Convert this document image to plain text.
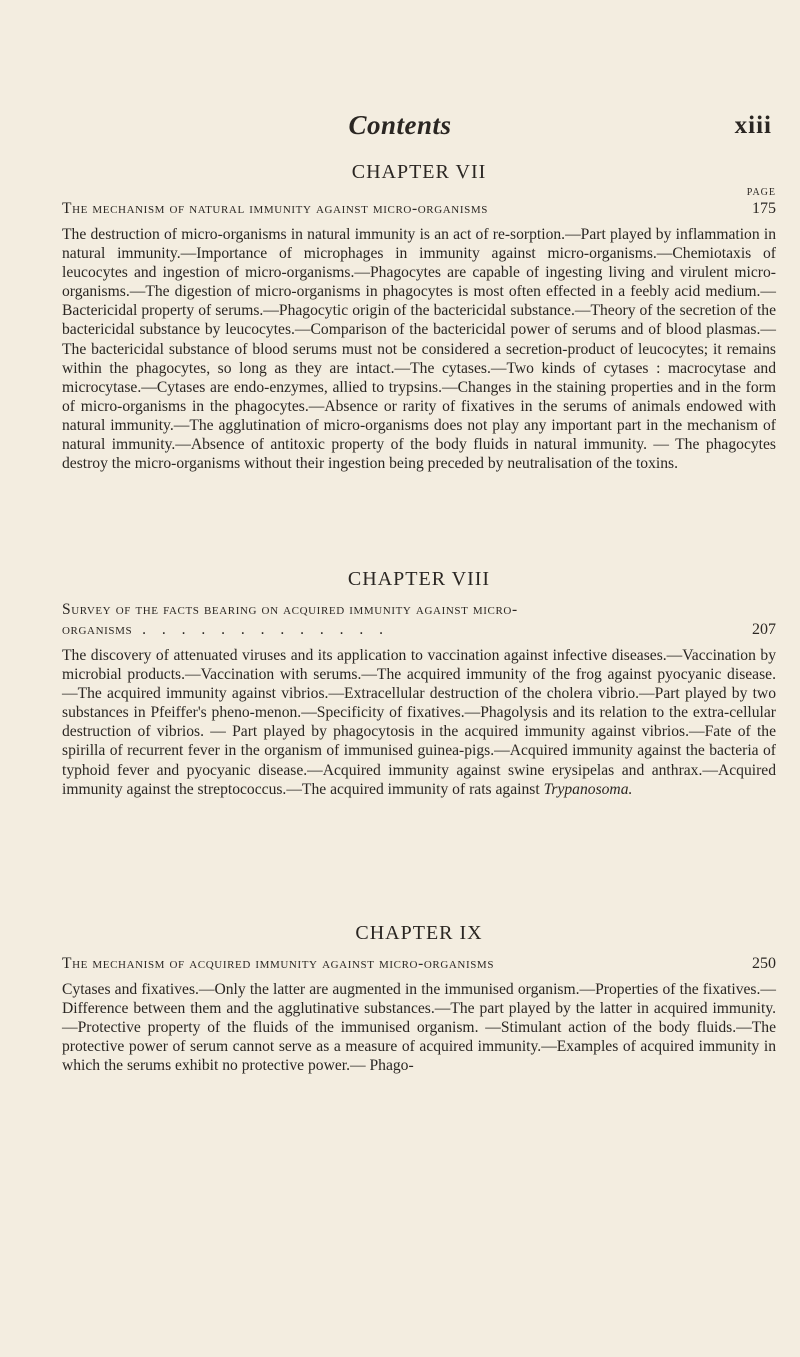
Contents	xiii
CHAPTER VII
PAGE
The mechanism of natural immunity against micro-organisms	175
The destruction of micro-organisms in natural immunity is an act of re-sorption.—Part played by inflammation in natural immunity.—Importance of microphages in immunity against micro-organisms.—Chemiotaxis of leucocytes and ingestion of micro-organisms.—Phagocytes are capable of ingesting living and virulent micro-organisms.—The digestion of micro-organisms in phagocytes is most often effected in a feebly acid medium.—Bactericidal property of serums.—Phagocytic origin of the bactericidal substance.—Theory of the secretion of the bactericidal substance by leucocytes.—Comparison of the bactericidal power of serums and of blood plasmas.—The bactericidal substance of blood serums must not be considered a secretion-product of leucocytes; it remains within the phagocytes, so long as they are intact.—The cytases.—Two kinds of cytases : macrocytase and microcytase.—Cytases are endo-enzymes, allied to trypsins.—Changes in the staining properties and in the form of micro-organisms in the phagocytes.—Absence or rarity of fixatives in the serums of animals endowed with natural immunity.—The agglutination of micro-organisms does not play any important part in the mechanism of natural immunity.—Absence of antitoxic property of the body fluids in natural immunity. — The phagocytes destroy the micro-organisms without their ingestion being preceded by neutralisation of the toxins.
CHAPTER VIII
Survey of the facts bearing on acquired immunity against micro-
organisms . . . . . . . . . . . . .	207
The discovery of attenuated viruses and its application to vaccination against infective diseases.—Vaccination by microbial products.—Vaccination with serums.—The acquired immunity of the frog against pyocyanic disease. —The acquired immunity against vibrios.—Extracellular destruction of the cholera vibrio.—Part played by two substances in Pfeiffer's pheno-menon.—Specificity of fixatives.—Phagolysis and its relation to the extra-cellular destruction of vibrios. — Part played by phagocytosis in the acquired immunity against vibrios.—Fate of the spirilla of recurrent fever in the organism of immunised guinea-pigs.—Acquired immunity against the bacteria of typhoid fever and pyocyanic disease.—Acquired immunity against swine erysipelas and anthrax.—Acquired immunity against the streptococcus.—The acquired immunity of rats against Trypanosoma.
CHAPTER IX
The mechanism of acquired immunity against micro-organisms	250
Cytases and fixatives.—Only the latter are augmented in the immunised organism.—Properties of the fixatives.—Difference between them and the agglutinative substances.—The part played by the latter in acquired immunity.—Protective property of the fluids of the immunised organism. —Stimulant action of the body fluids.—The protective power of serum cannot serve as a measure of acquired immunity.—Examples of acquired immunity in which the serums exhibit no protective power.— Phago-
